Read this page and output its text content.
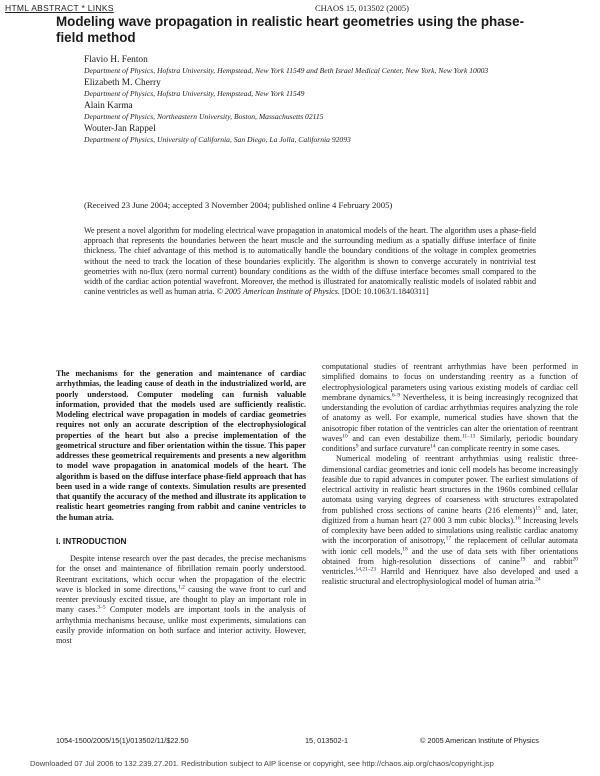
HTML ABSTRACT * LINKS	CHAOS 15, 013502 (2005)
Modeling wave propagation in realistic heart geometries using the phase-field method
Flavio H. Fenton
Department of Physics, Hofstra University, Hempstead, New York 11549 and Beth Israel Medical Center, New York, New York 10003
Elizabeth M. Cherry
Department of Physics, Hofstra University, Hempstead, New York 11549
Alain Karma
Department of Physics, Northeastern University, Boston, Massachusetts 02115
Wouter-Jan Rappel
Department of Physics, University of California, San Diego, La Jolla, California 92093
(Received 23 June 2004; accepted 3 November 2004; published online 4 February 2005)
We present a novel algorithm for modeling electrical wave propagation in anatomical models of the heart. The algorithm uses a phase-field approach that represents the boundaries between the heart muscle and the surrounding medium as a spatially diffuse interface of finite thickness. The chief advantage of this method is to automatically handle the boundary conditions of the voltage in complex geometries without the need to track the location of these boundaries explicitly. The algorithm is shown to converge accurately in nontrivial test geometries with no-flux (zero normal current) boundary conditions as the width of the diffuse interface becomes small compared to the width of the cardiac action potential wavefront. Moreover, the method is illustrated for anatomically realistic models of isolated rabbit and canine ventricles as well as human atria. © 2005 American Institute of Physics. [DOI: 10.1063/1.1840311]

The mechanisms for the generation and maintenance of cardiac arrhythmias, the leading cause of death in the industrialized world, are poorly understood. Computer modeling can furnish valuable information, provided that the models used are sufficiently realistic. Modeling electrical wave propagation in models of cardiac geometries requires not only an accurate description of the electrophysiological properties of the heart but also a precise implementation of the geometrical structure and fiber orientation within the tissue. This paper addresses these geometrical requirements and presents a new algorithm to model wave propagation in anatomical models of the heart. The algorithm is based on the diffuse interface phase-field approach that has been used in a wide range of contexts. Simulation results are presented that quantify the accuracy of the method and illustrate its application to realistic heart geometries ranging from rabbit and canine ventricles to the human atria.

I. INTRODUCTION

Despite intense research over the past decades, the precise mechanisms for the onset and maintenance of fibrillation remain poorly understood. Reentrant excitations, which occur when the propagation of the electric wave is blocked in some directions,$^{1,2}$ causing the wave front to curl and reenter previously excited tissue, are thought to play an important role in many cases.$^{3-5}$ Computer models are important tools in the analysis of arrhythmia mechanisms because, unlike most experiments, simulations can easily provide information on both surface and interior activity. However, most

computational studies of reentrant arrhythmias have been performed in simplified domains to focus on understanding reentry as a function of electrophysiological parameters using various existing models of cardiac cell membrane dynamics.$^{6-9}$ Nevertheless, it is being increasingly recognized that understanding the evolution of cardiac arrhythmias requires analyzing the role of anatomy as well. For example, numerical studies have shown that the anisotropic fiber rotation of the ventricles can alter the orientation of reentrant waves$^{10}$ and can even destabilize them.$^{11-13}$ Similarly, periodic boundary conditions$^9$ and surface curvature$^{14}$ can complicate reentry in some cases.

Numerical modeling of reentrant arrhythmias using realistic three-dimensional cardiac geometries and ionic cell models has become increasingly feasible due to rapid advances in computer power. The earliest simulations of electrical activity in realistic heart structures in the 1960s combined cellular automata using varying degrees of coarseness with structures extrapolated from published cross sections of canine hearts (216 elements)$^{15}$ and, later, digitized from a human heart (27 000 3 mm cubic blocks).$^{16}$ Increasing levels of complexity have been added to simulations using realistic cardiac anatomy with the incorporation of anisotropy,$^{17}$ the replacement of cellular automata with ionic cell models,$^{18}$ and the use of data sets with fiber orientations obtained from high-resolution dissections of canine$^{19}$ and rabbit$^{20}$ ventricles.$^{14,21-23}$ Harrild and Henriquez have also developed and used a realistic structural and electrophysiological model of human atria.$^{24}$

1054-1500/2005/15(1)/013502/11/$22.50	15, 013502-1	© 2005 American Institute of Physics
Downloaded 07 Jul 2006 to 132.239.27.201. Redistribution subject to AIP license or copyright, see http://chaos.aip.org/chaos/copyright.jsp
